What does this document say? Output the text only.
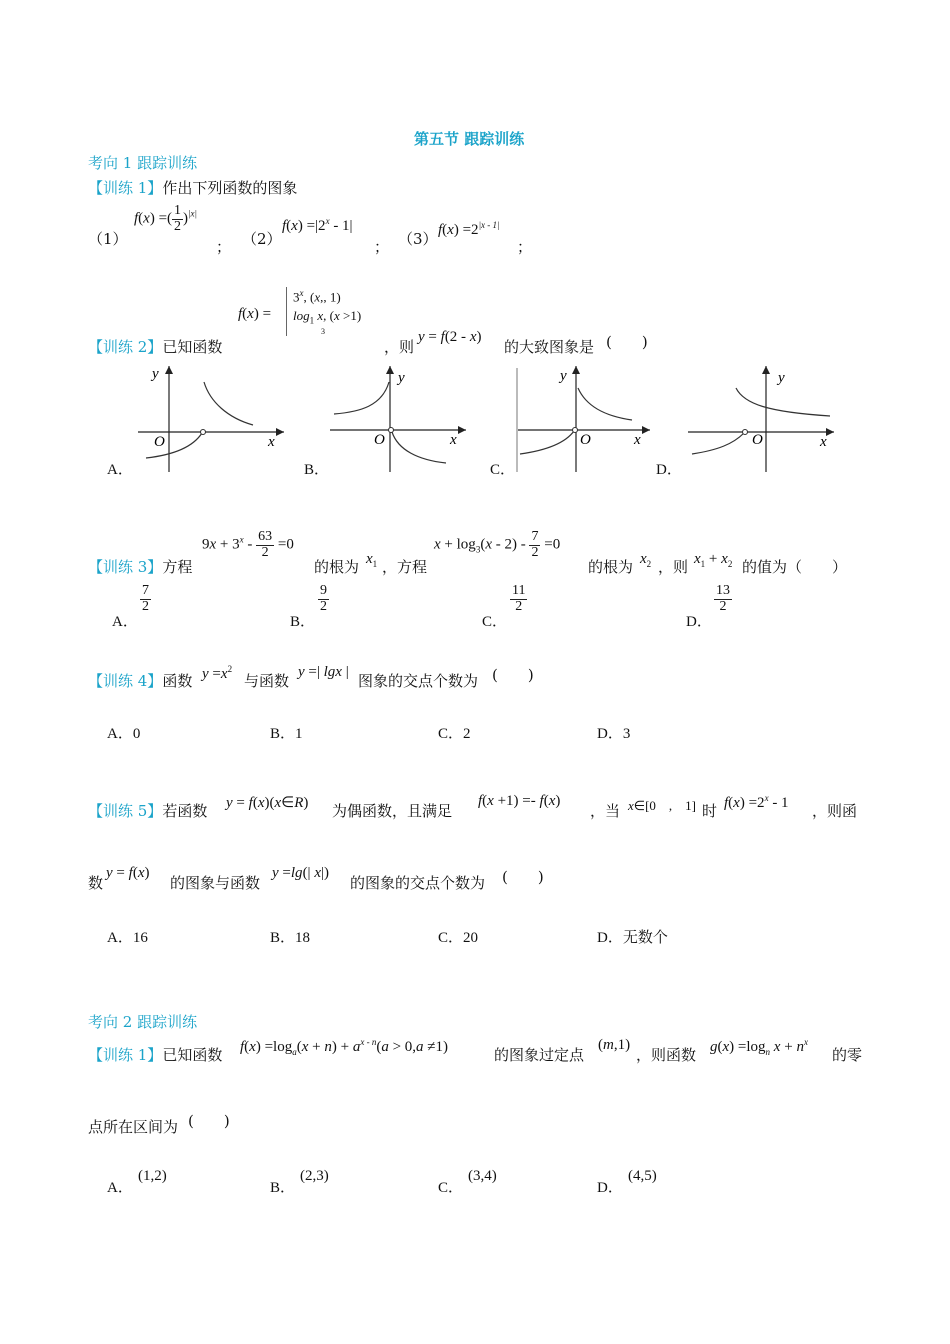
第五节 跟踪训练
考向 1 跟踪训练
【训练 1】作出下列函数的图象
（1）
f(x) =( $\frac{1}{2} )^{|x|}$
； （2）
$f(x) =|2^x - 1|$
； （3） $f(x) =2^{|x - 1|}$
；
f(x) =
$3^x$, (x,, 1)
$\log_1 x$, (x >1)
3
【训练 2】已知函数	，则
y = f(2 - x)
的大致图象是 (　　)
y
x
O
A．
y
x
O
B．
y
x
O
C．
y
x
O
D．
【训练 3】方程
$9x + 3^x - \frac{63}{2} =0$
的根为 $x_1$ ，方程
$x + \log_3(x - 2) - \frac{7}{2} =0$
的根为 $x_2$ ，则 $x_1 + x_2$ 的值为（　　）
A．
$\frac{7}{2}$
B．
$\frac{9}{2}$
C．
$\frac{11}{2}$
D．
$\frac{13}{2}$
【训练 4】函数 $y =x^2$
与函数 y =| lgx | 图象的交点个数为 (　　)
A．0	B．1	C．2	D．3
【训练 5】若函数 y = f(x)(x∈R) 为偶函数，且满足
f(x +1) =- f(x)
，当 x∈[0　,　1] 时 $f(x) =2^x - 1$ ，则函
数
y = f(x)
的图象与函数
y =lg(| x|)
的图象的交点个数为 (　　)
A．16	B．18	C．20	D．无数个
考向 2 跟踪训练
【训练 1】已知函数 $f(x) =\log_a(x + n) + a^{x - n}(a > 0,a \ne 1)$	的图象过定点
(m,1)
，则函数 $g(x) =\log_n$ $x + n^x$
的零
点所在区间为 (　　)
A．
(1,2)
B．
(2,3)
C．
(3,4)
D．
(4,5)
